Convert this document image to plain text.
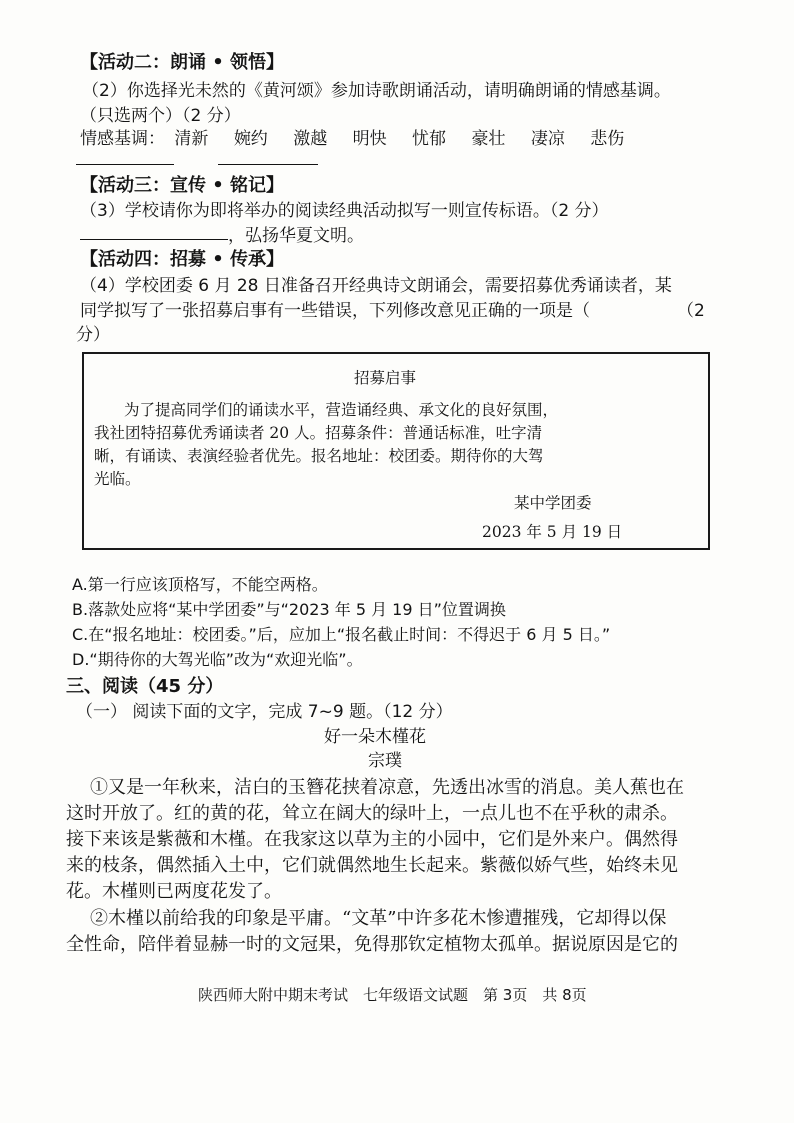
【活动二：朗诵 • 领悟】
（2）你选择光未然的《黄河颂》参加诗歌朗诵活动，请明确朗诵的情感基调。
（只选两个）（2 分）
情感基调： 清新 婉约 激越 明快 忧郁 豪壮 凄凉 悲伤
【活动三：宣传 • 铭记】
（3）学校请你为即将举办的阅读经典活动拟写一则宣传标语。（2 分）
，弘扬华夏文明。
【活动四：招募 • 传承】
（4）学校团委 6 月 28 日准备召开经典诗文朗诵会，需要招募优秀诵读者，某
同学拟写了一张招募启事有一些错误，下列修改意见正确的一项是（	（2
分）
招募启事
为了提高同学们的诵读水平，营造诵经典、承文化的良好氛围，
我社团特招募优秀诵读者 20 人。招募条件：普通话标准，吐字清
晰，有诵读、表演经验者优先。报名地址：校团委。期待你的大驾
光临。
某中学团委
2023 年 5 月 19 日
A.第一行应该顶格写，不能空两格。
B.落款处应将“某中学团委”与“2023 年 5 月 19 日”位置调换
C.在“报名地址：校团委。”后，应加上“报名截止时间：不得迟于 6 月 5 日。”
D.“期待你的大驾光临”改为“欢迎光临”。
三、阅读（45 分）
（一） 阅读下面的文字，完成 7~9 题。（12 分）
好一朵木槿花
宗璞
①又是一年秋来，洁白的玉簪花挟着凉意，先透出冰雪的消息。美人蕉也在
这时开放了。红的黄的花，耸立在阔大的绿叶上，一点儿也不在乎秋的肃杀。
接下来该是紫薇和木槿。在我家这以草为主的小园中，它们是外来户。偶然得
来的枝条，偶然插入土中，它们就偶然地生长起来。紫薇似娇气些，始终未见
花。木槿则已两度花发了。
②木槿以前给我的印象是平庸。“文革”中许多花木惨遭摧残，它却得以保
全性命，陪伴着显赫一时的文冠果，免得那钦定植物太孤单。据说原因是它的
陕西师大附中期末考试　七年级语文试题　第 3页　共 8页
